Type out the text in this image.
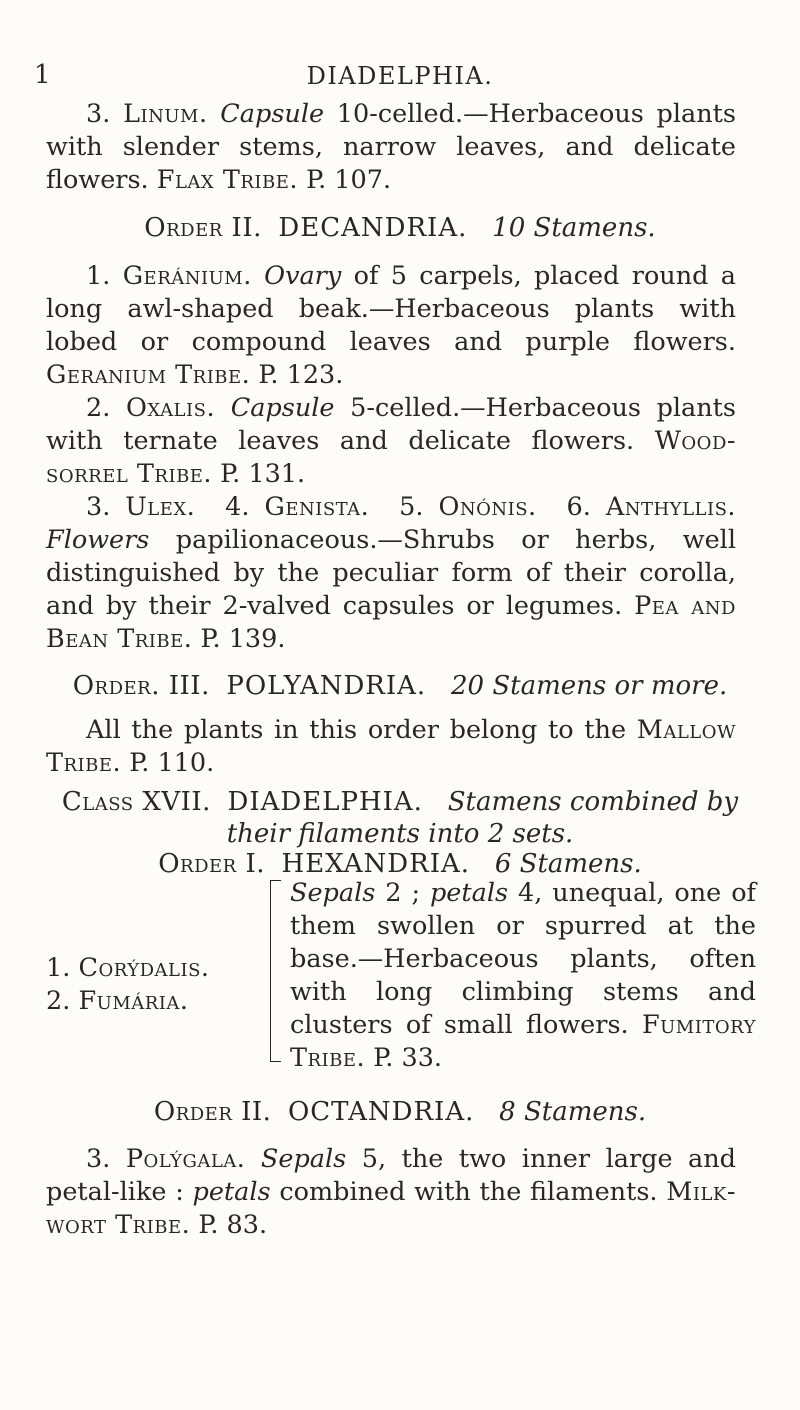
1	DIADELPHIA.

3. Linum. Capsule 10-celled.—Herbaceous plants with slender stems, narrow leaves, and delicate flowers. Flax Tribe. P. 107.

Order II. DECANDRIA. 10 Stamens.

1. Geránium. Ovary of 5 carpels, placed round a long awl-shaped beak.—Herbaceous plants with lobed or compound leaves and purple flowers. Geranium Tribe. P. 123.

2. Oxalis. Capsule 5-celled.—Herbaceous plants with ternate leaves and delicate flowers. Wood-sorrel Tribe. P. 131.

3. Ulex. 4. Genista. 5. Onónis. 6. Anthyllis. Flowers papilionaceous.—Shrubs or herbs, well distinguished by the peculiar form of their corolla, and by their 2-valved capsules or legumes. Pea and Bean Tribe. P. 139.

Order. III. POLYANDRIA. 20 Stamens or more.

All the plants in this order belong to the Mallow Tribe. P. 110.

Class XVII. DIADELPHIA. Stamens combined by

their filaments into 2 sets.

Order I. HEXANDRIA. 6 Stamens.

1. Corýdalis.

2. Fumária.

Sepals 2 ; petals 4, unequal, one of them swollen or spurred at the base.—Herbaceous plants, often with long climbing stems and clusters of small flowers. Fumitory Tribe. P. 33.

Order II. OCTANDRIA. 8 Stamens.

3. Polýgala. Sepals 5, the two inner large and petal-like : petals combined with the filaments. Milk-wort Tribe. P. 83.
